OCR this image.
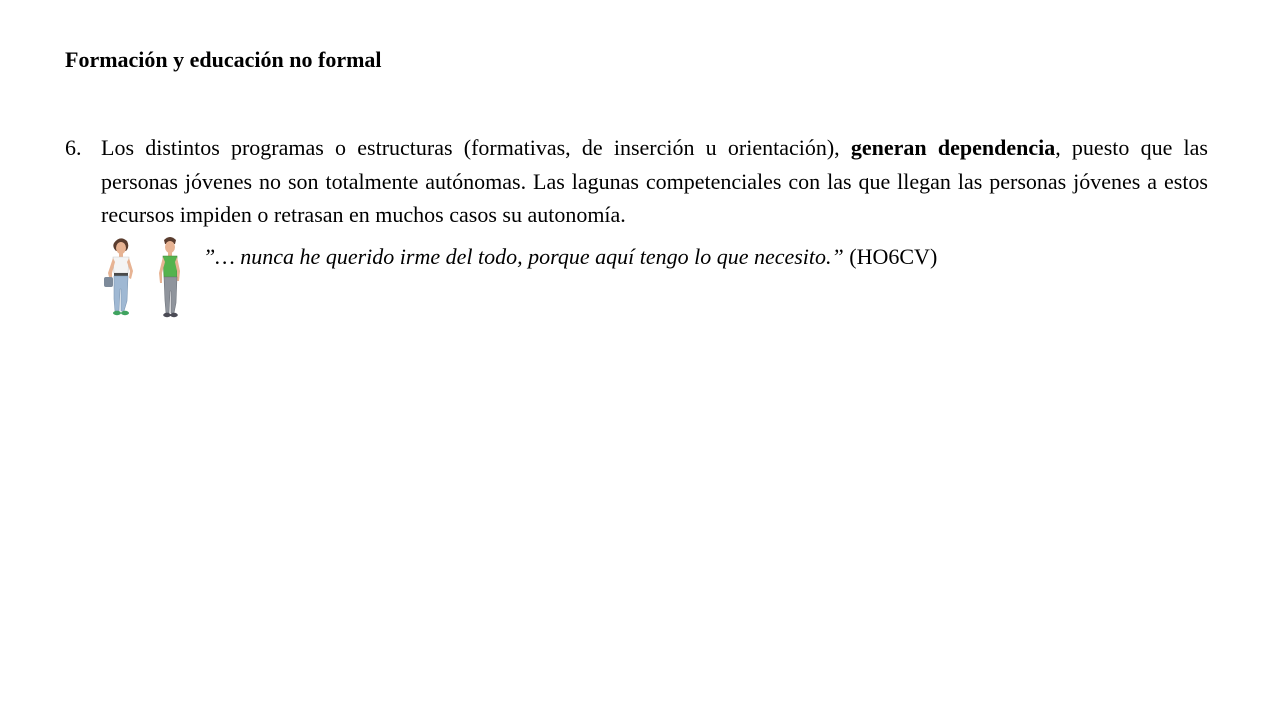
Formación y educación no formal
6. Los distintos programas o estructuras (formativas, de inserción u orientación), generan dependencia, puesto que las personas jóvenes no son totalmente autónomas. Las lagunas competenciales con las que llegan las personas jóvenes a estos recursos impiden o retrasan en muchos casos su autonomía.
”… nunca he querido irme del todo, porque aquí tengo lo que necesito.” (HO6CV)
